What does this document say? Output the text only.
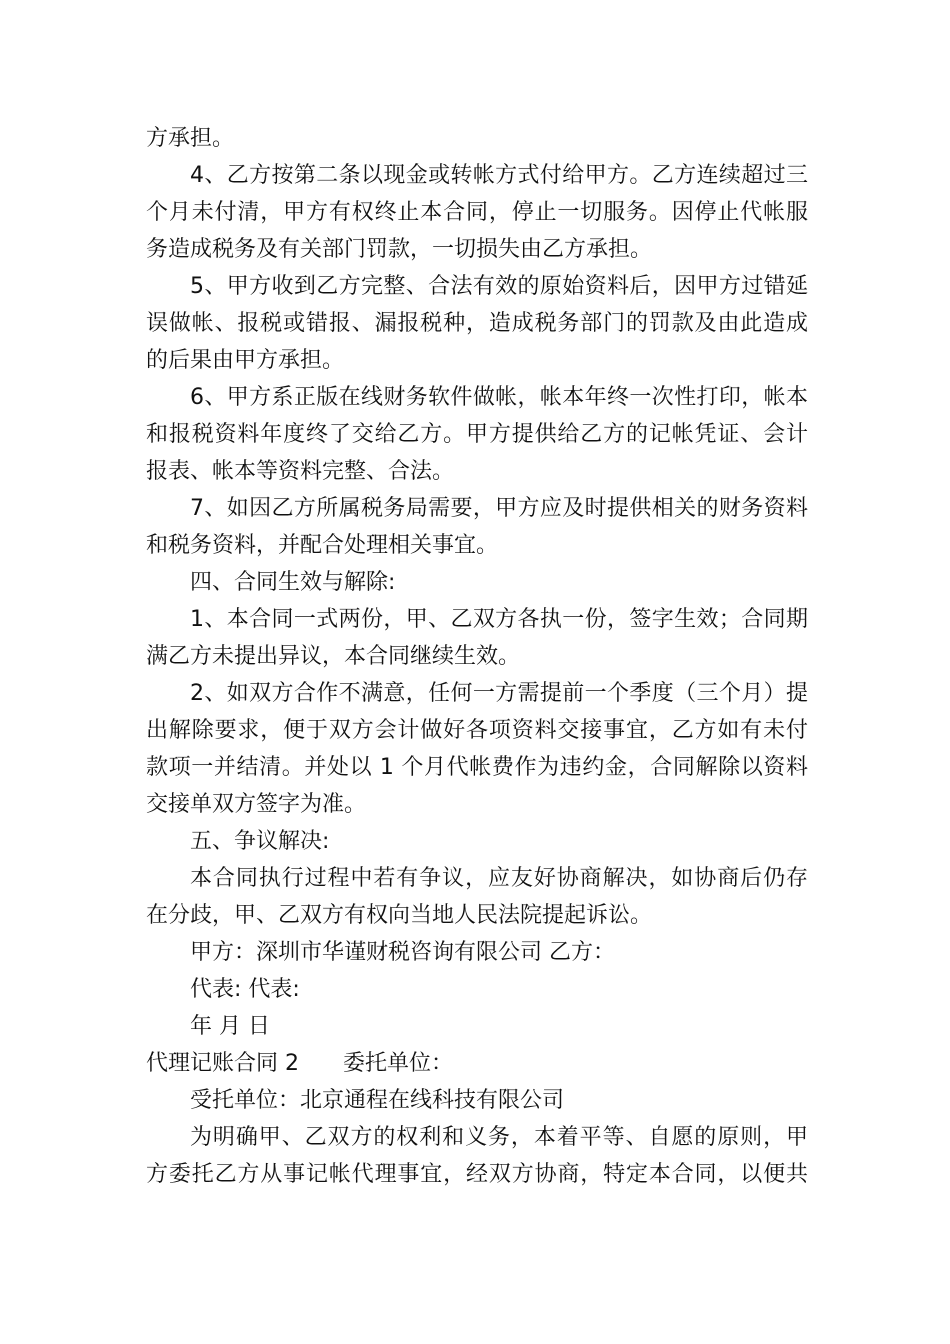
方承担。
4、乙方按第二条以现金或转帐方式付给甲方。乙方连续超过三
个月未付清，甲方有权终止本合同，停止一切服务。因停止代帐服
务造成税务及有关部门罚款，一切损失由乙方承担。
5、甲方收到乙方完整、合法有效的原始资料后，因甲方过错延
误做帐、报税或错报、漏报税种，造成税务部门的罚款及由此造成
的后果由甲方承担。
6、甲方系正版在线财务软件做帐，帐本年终一次性打印，帐本
和报税资料年度终了交给乙方。甲方提供给乙方的记帐凭证、会计
报表、帐本等资料完整、合法。
7、如因乙方所属税务局需要，甲方应及时提供相关的财务资料
和税务资料，并配合处理相关事宜。
四、合同生效与解除:
1、本合同一式两份，甲、乙双方各执一份，签字生效；合同期
满乙方未提出异议，本合同继续生效。
2、如双方合作不满意，任何一方需提前一个季度（三个月）提
出解除要求，便于双方会计做好各项资料交接事宜，乙方如有未付
款项一并结清。并处以 1 个月代帐费作为违约金，合同解除以资料
交接单双方签字为准。
五、争议解决:
本合同执行过程中若有争议，应友好协商解决，如协商后仍存
在分歧，甲、乙双方有权向当地人民法院提起诉讼。
甲方：深圳市华谨财税咨询有限公司 乙方：
代表: 代表:
年 月 日
代理记账合同 2 委托单位：
受托单位：北京通程在线科技有限公司
为明确甲、乙双方的权利和义务，本着平等、自愿的原则，甲
方委托乙方从事记帐代理事宜，经双方协商，特定本合同，以便共
